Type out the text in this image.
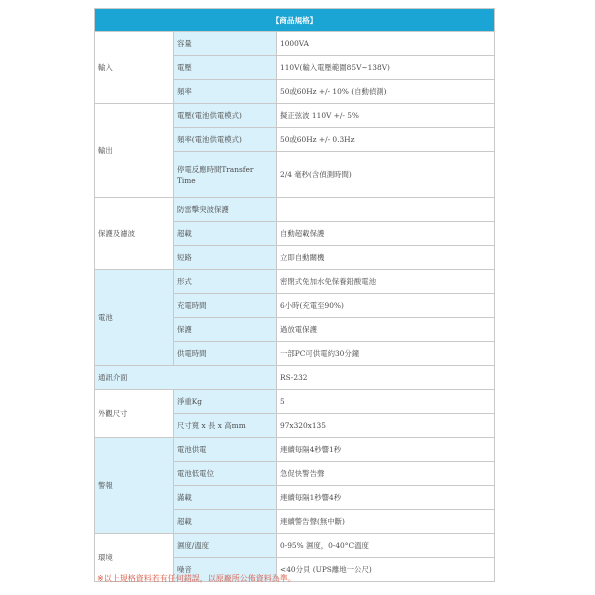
【商品規格】		
輸入	容量	1000VA
	電壓	110V(輸入電壓範圍85V~138V)
	頻率	50或60Hz +/- 10% (自動偵測)
輸出	電壓(電池供電模式)	擬正弦波 110V +/- 5%
	頻率(電池供電模式)	50或60Hz +/- 0.3Hz
	停電反應時間Transfer Time	2/4 毫秒(含偵測時間)
保護及濾波	防雷擊突波保護	
	超載	自動超載保護
	短路	立即自動關機
電池	形式	密閉式免加水免保養鉛酸電池
	充電時間	6小時(充電至90%)
	保護	過放電保護
	供電時間	一部PC可供電約30分鐘
通訊介面		RS-232
外觀尺寸	淨重Kg	5
	尺寸寬 x 長 x 高mm	97x320x135
警報	電池供電	連續每隔4秒響1秒
	電池低電位	急促快警告聲
	滿載	連續每隔1秒響4秒
	超載	連續警告聲(無中斷)
環境	濕度/溫度	0-95% 濕度，0-40°C溫度
	噪音	<40分貝 (UPS離地一公尺)
※以上規格資料若有任何錯誤，以原廠所公佈資料為準。
